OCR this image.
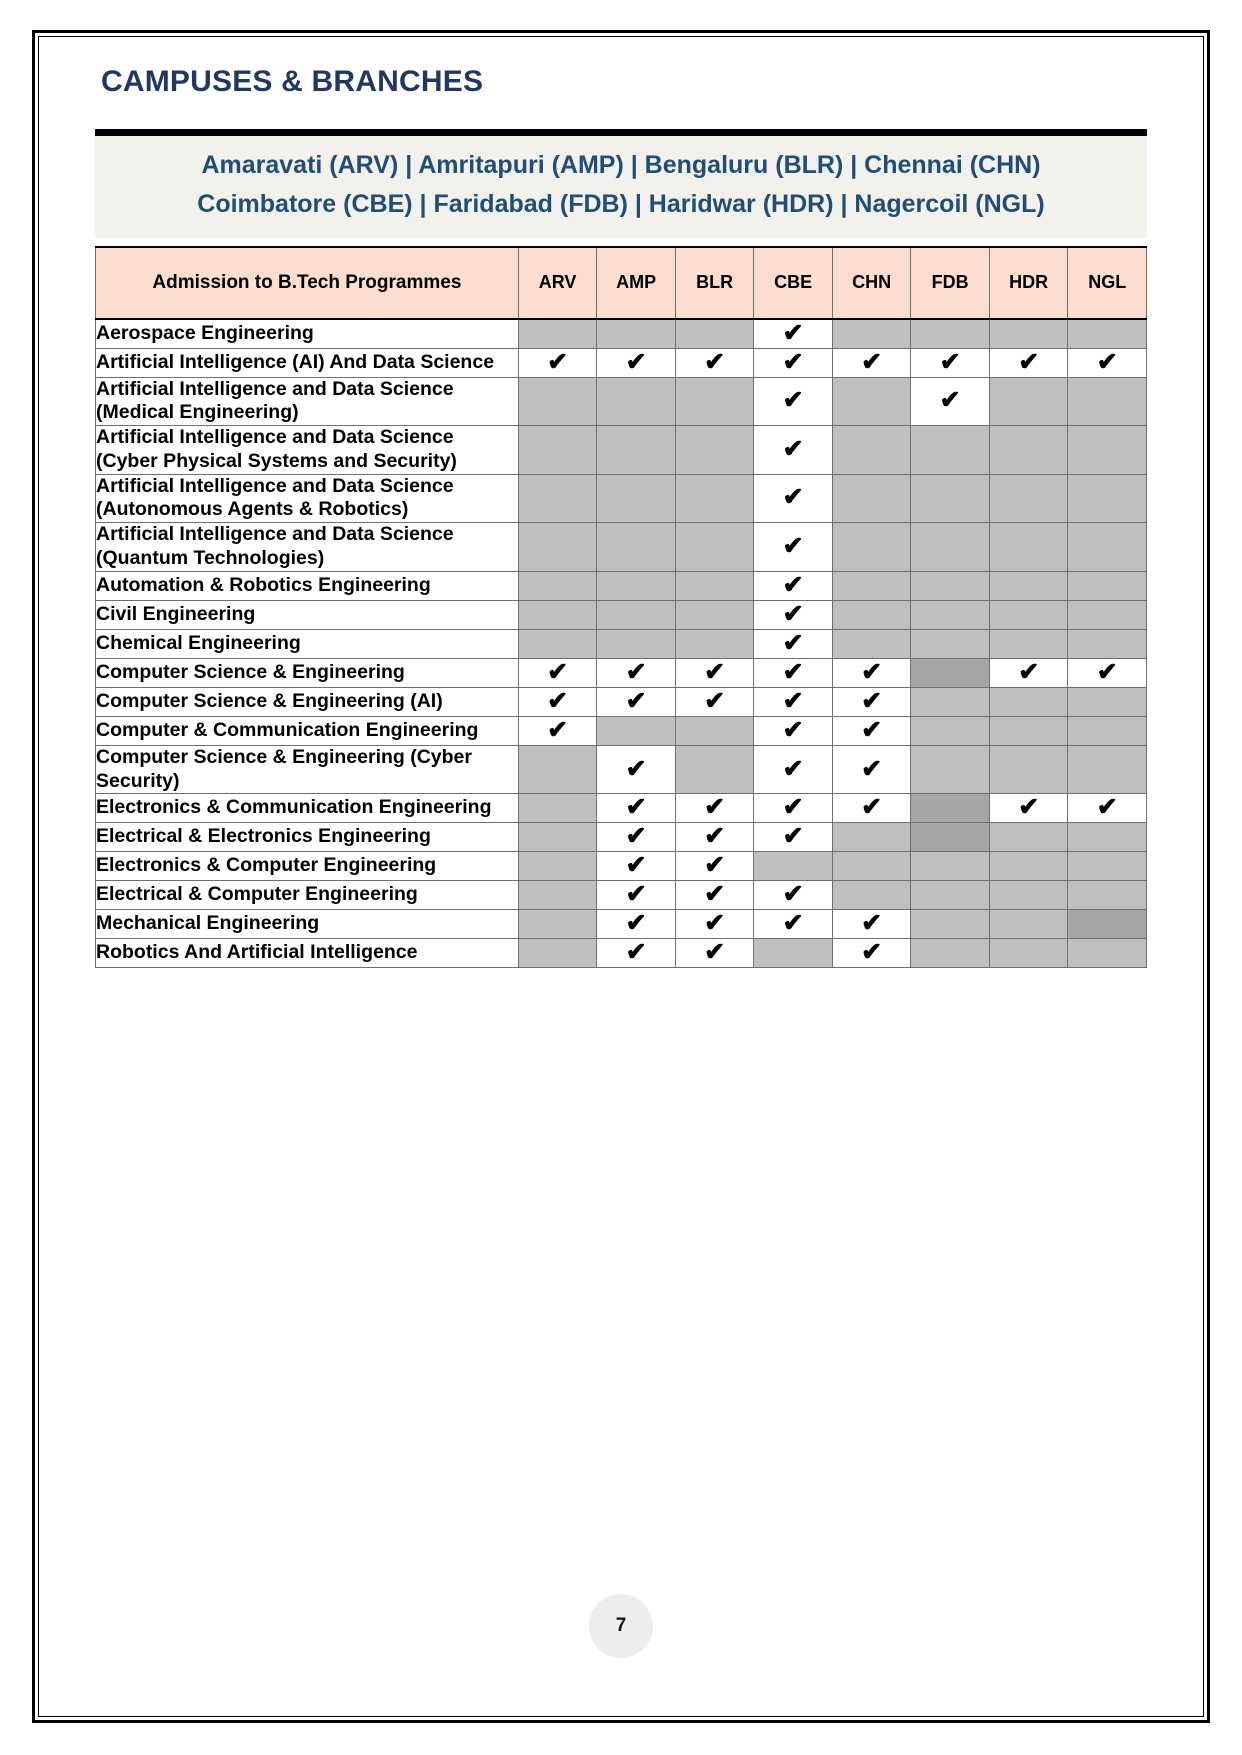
CAMPUSES & BRANCHES
Amaravati (ARV) | Amritapuri (AMP) | Bengaluru (BLR) | Chennai (CHN)
Coimbatore (CBE) | Faridabad (FDB) | Haridwar (HDR) | Nagercoil (NGL)
Admission to B.Tech Programmes	ARV	AMP	BLR	CBE	CHN	FDB	HDR	NGL
Aerospace Engineering				✔				
Artificial Intelligence (AI) And Data Science	✔	✔	✔	✔	✔	✔	✔	✔
Artificial Intelligence and Data Science (Medical Engineering)				✔		✔		
Artificial Intelligence and Data Science (Cyber Physical Systems and Security)				✔				
Artificial Intelligence and Data Science (Autonomous Agents & Robotics)				✔				
Artificial Intelligence and Data Science (Quantum Technologies)				✔				
Automation & Robotics Engineering				✔				
Civil Engineering				✔				
Chemical Engineering				✔				
Computer Science & Engineering	✔	✔	✔	✔	✔		✔	✔
Computer Science & Engineering (AI)	✔	✔	✔	✔	✔			
Computer & Communication Engineering	✔			✔	✔			
Computer Science & Engineering (Cyber Security)		✔		✔	✔			
Electronics & Communication Engineering		✔	✔	✔	✔		✔	✔
Electrical & Electronics Engineering		✔	✔	✔				
Electronics & Computer Engineering		✔	✔					
Electrical & Computer Engineering		✔	✔	✔				
Mechanical Engineering		✔	✔	✔	✔			
Robotics And Artificial Intelligence		✔	✔		✔			
7
